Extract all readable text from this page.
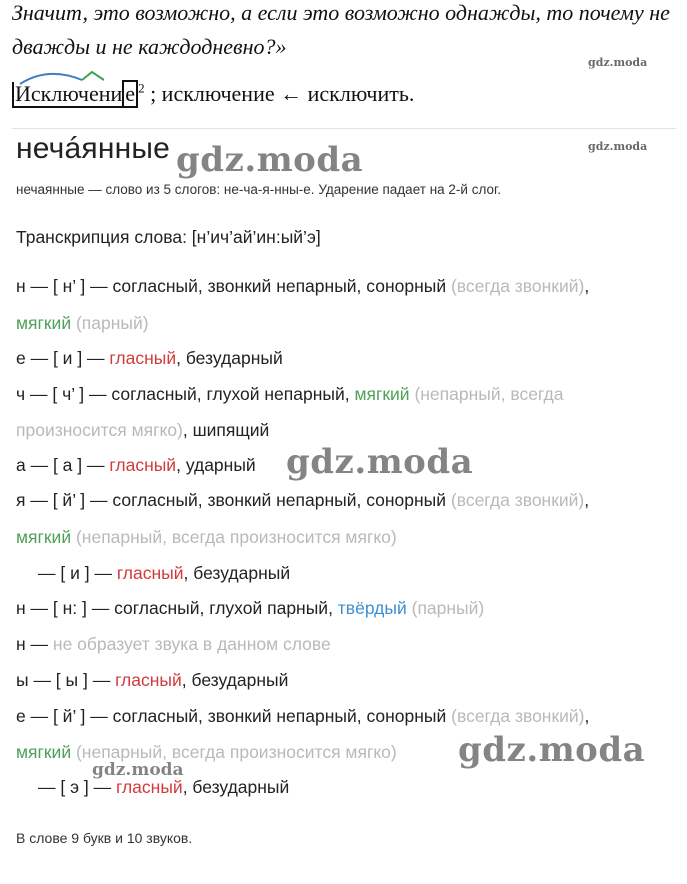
Значит, это возможно, а если это возможно однажды, то почему не
дважды и не каждодневно?»
Исключени е $^2$ ; исключение ← исключить.
нечáянные
нечаянные — слово из 5 слогов: не-ча-я-нны-е. Ударение падает на 2-й слог.
Транскрипция слова: [н’ич’ай’ин:ый’э]
н — [ н’ ] — согласный, звонкий непарный, сонорный (всегда звонкий),
мягкий (парный)
е — [ и ] — гласный, безударный
ч — [ ч’ ] — согласный, глухой непарный, мягкий (непарный, всегда
произносится мягко), шипящий
а — [ а ] — гласный, ударный
я — [ й’ ] — согласный, звонкий непарный, сонорный (всегда звонкий),
мягкий (непарный, всегда произносится мягко)
— [ и ] — гласный, безударный
н — [ н: ] — согласный, глухой парный, твёрдый (парный)
н — не образует звука в данном слове
ы — [ ы ] — гласный, безударный
е — [ й’ ] — согласный, звонкий непарный, сонорный (всегда звонкий),
мягкий (непарный, всегда произносится мягко)
— [ э ] — гласный, безударный
В слове 9 букв и 10 звуков.
gdz.moda
gdz.moda
gdz.moda
gdz.moda
gdz.moda
gdz.moda
